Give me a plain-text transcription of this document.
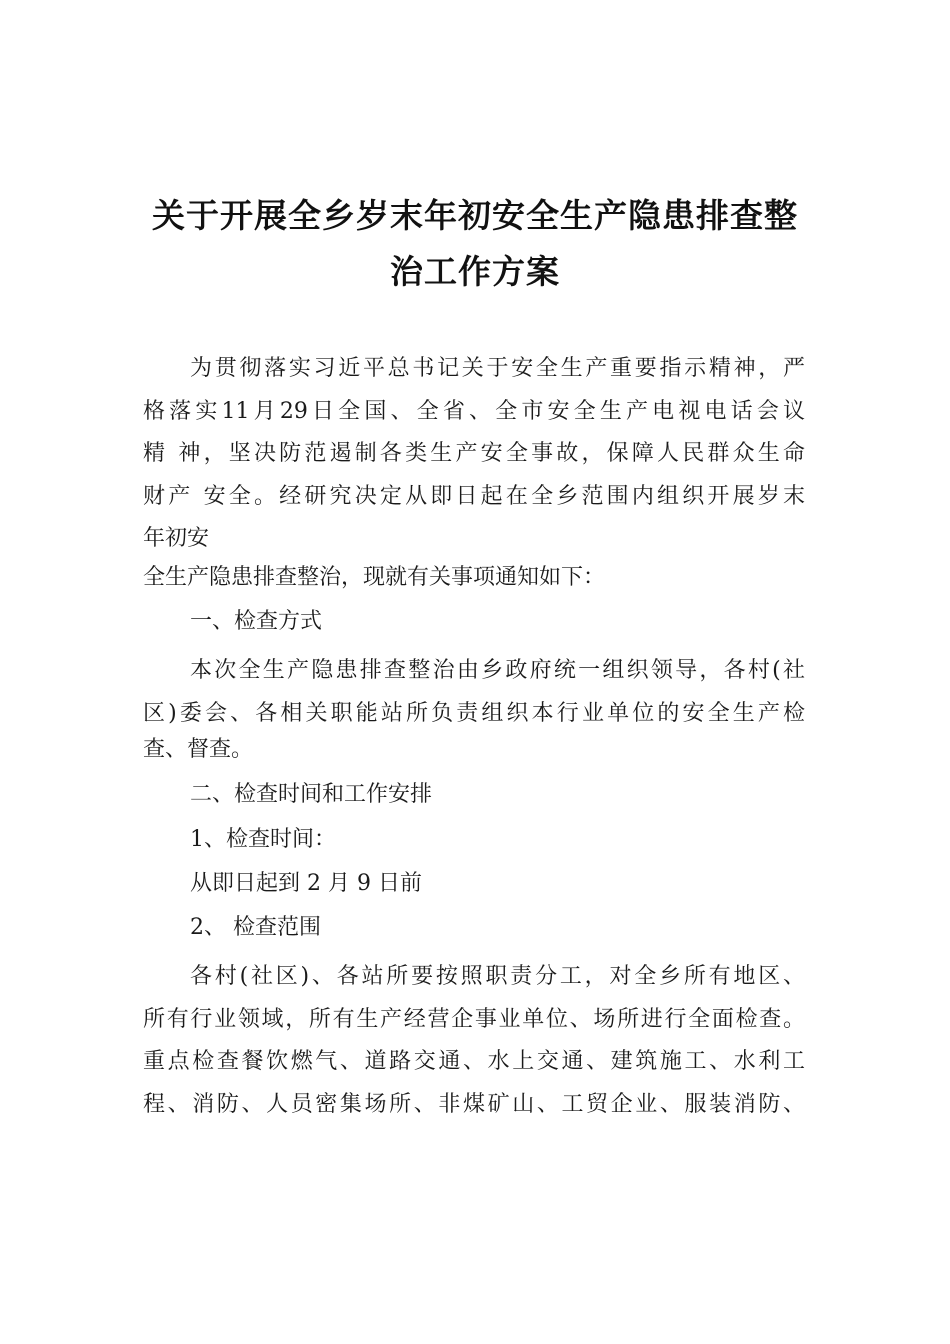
关于开展全乡岁末年初安全生产隐患排查整
治工作方案

为贯彻落实习近平总书记关于安全生产重要指示精神，严

格落实11月29日全国、全省、全市安全生产电视电话会议

精 神，坚决防范遏制各类生产安全事故，保障人民群众生命

财产 安全。经研究决定从即日起在全乡范围内组织开展岁末

年初安

全生产隐患排查整治，现就有关事项通知如下：

一、检查方式

本次全生产隐患排查整治由乡政府统一组织领导，各村(社

区)委会、各相关职能站所负责组织本行业单位的安全生产检

查、督查。

二、检查时间和工作安排

1、检查时间：

从即日起到 2 月 9 日前

2、 检查范围

各村(社区)、各站所要按照职责分工，对全乡所有地区、

所有行业领域，所有生产经营企事业单位、场所进行全面检查。

重点检查餐饮燃气、道路交通、水上交通、建筑施工、水利工

程、消防、人员密集场所、非煤矿山、工贸企业、服装消防、
